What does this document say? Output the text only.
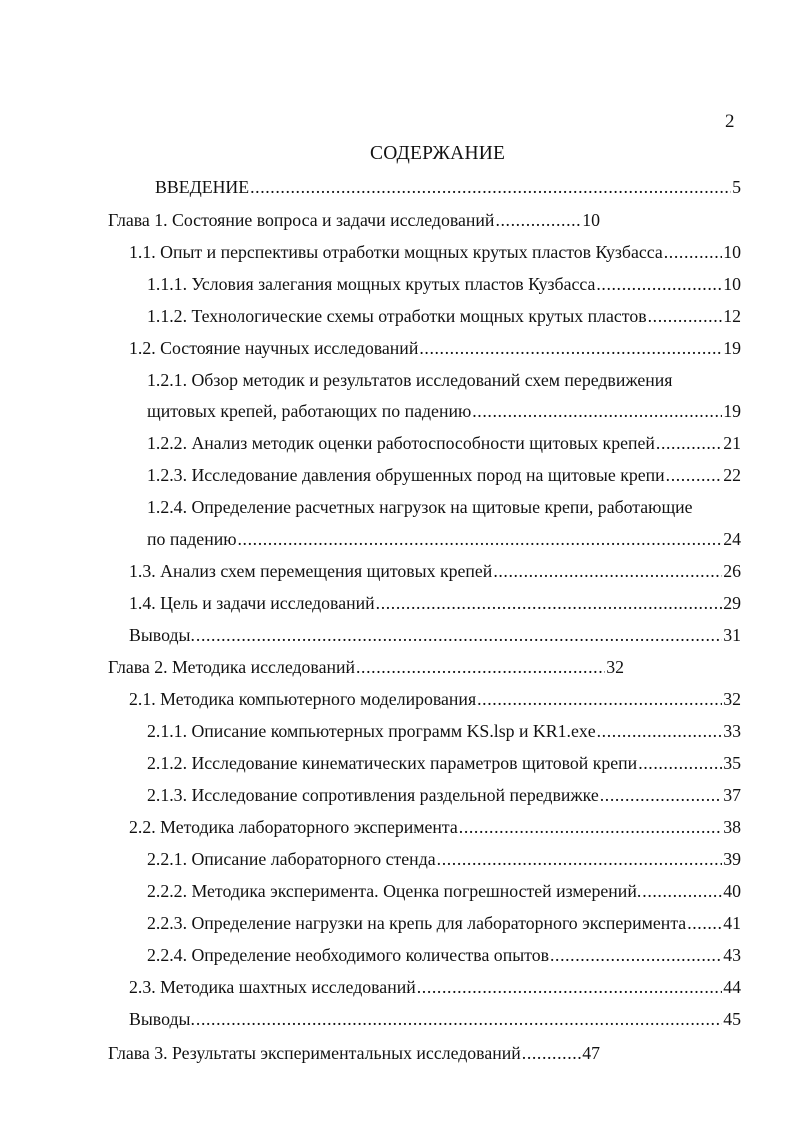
2
СОДЕРЖАНИЕ
ВВЕДЕНИЕ .....	5
Глава 1. Состояние вопроса и задачи исследований .....	10
1.1. Опыт и перспективы отработки мощных крутых пластов Кузбасса .....	10
1.1.1. Условия залегания мощных крутых пластов Кузбасса .....	10
1.1.2. Технологические схемы отработки мощных крутых пластов .....	12
1.2. Состояние научных исследований .....	19
1.2.1. Обзор методик и результатов исследований схем передвижения
щитовых крепей, работающих по падению .....	19
1.2.2. Анализ методик оценки работоспособности щитовых крепей .....	21
1.2.3. Исследование давления обрушенных пород на щитовые крепи .....	22
1.2.4. Определение расчетных нагрузок на щитовые крепи, работающие
по падению .....	24
1.3. Анализ схем перемещения щитовых крепей .....	26
1.4. Цель и задачи исследований .....	29
Выводы. .....	31
Глава 2. Методика исследований .....	32
2.1. Методика компьютерного моделирования .....	32
2.1.1. Описание компьютерных программ KS.lsp и KR1.exe .....	33
2.1.2. Исследование кинематических параметров щитовой крепи .....	35
2.1.3. Исследование сопротивления раздельной передвижке .....	37
2.2. Методика лабораторного эксперимента .....	38
2.2.1. Описание лабораторного стенда .....	39
2.2.2. Методика эксперимента. Оценка погрешностей измерений. .....	40
2.2.3. Определение нагрузки на крепь для лабораторного эксперимента ..... 41
2.2.4. Определение необходимого количества опытов .....	43
2.3. Методика шахтных исследований .....	44
Выводы. .....	45
Глава 3. Результаты экспериментальных исследований .....	47
